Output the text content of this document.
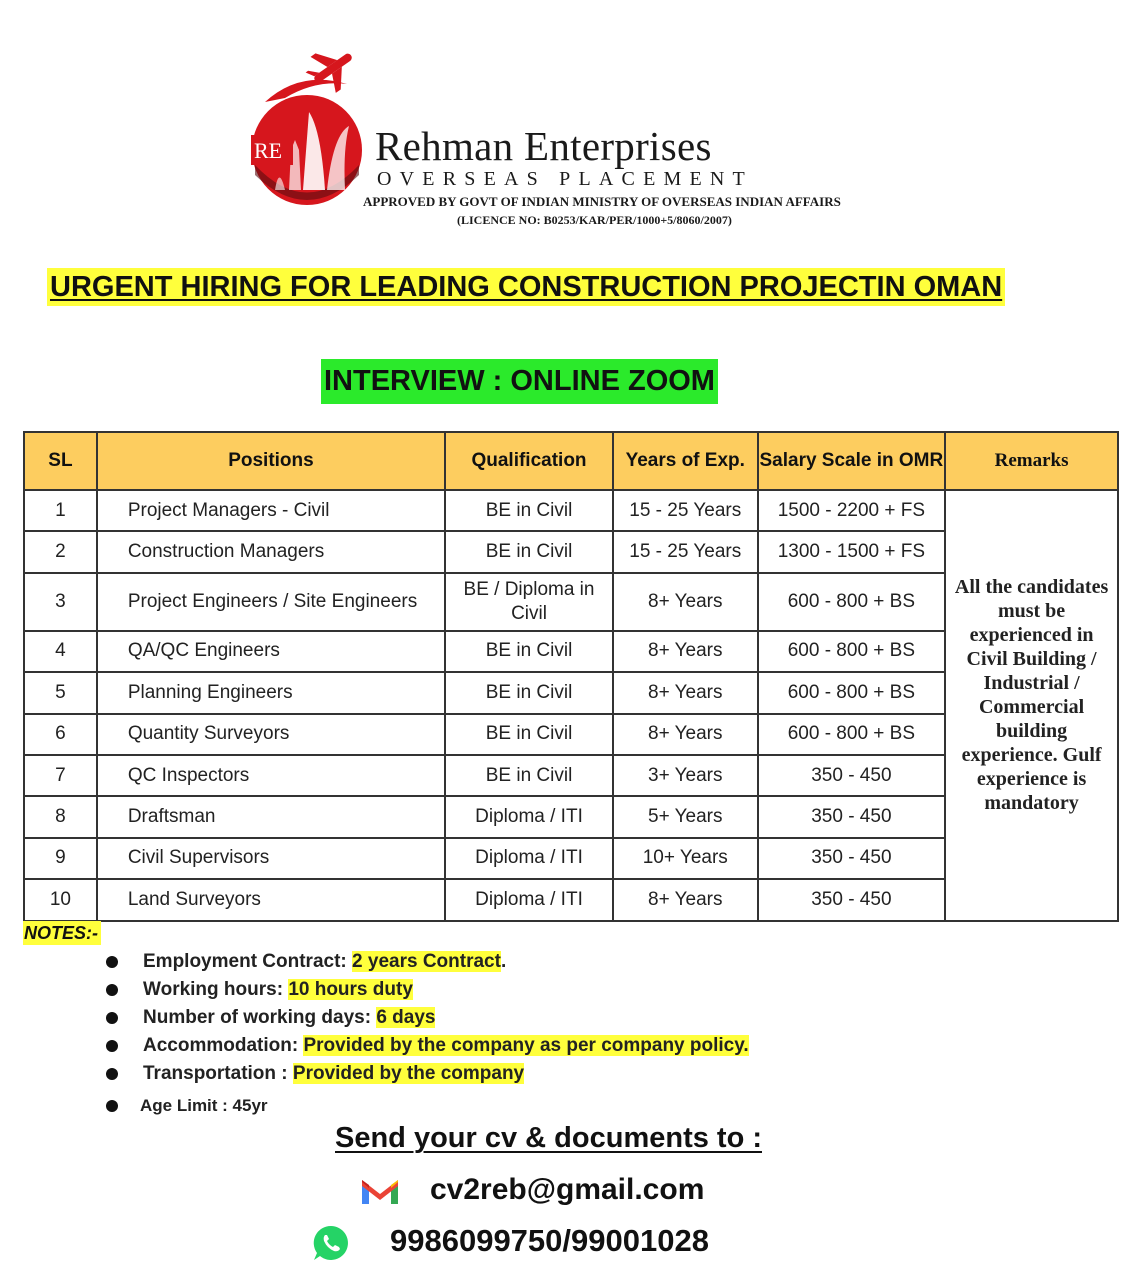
RE Rehman Enterprises
OVERSEAS PLACEMENT
APPROVED BY GOVT OF INDIAN MINISTRY OF OVERSEAS INDIAN AFFAIRS
(LICENCE NO: B0253/KAR/PER/1000+5/8060/2007)
URGENT HIRING FOR LEADING CONSTRUCTION PROJECTIN OMAN
INTERVIEW : ONLINE ZOOM
SL	Positions	Qualification	Years of Exp.	Salary Scale in OMR	Remarks
1	Project Managers - Civil	BE in Civil	15 - 25 Years	1500 - 2200 + FS	All the candidates must be experienced in Civil Building / Industrial / Commercial building experience. Gulf experience is mandatory
2	Construction Managers	BE in Civil	15 - 25 Years	1300 - 1500 + FS	
3	Project Engineers / Site Engineers	BE / Diploma in Civil	8+ Years	600 - 800 + BS	
4	QA/QC Engineers	BE in Civil	8+ Years	600 - 800 + BS	
5	Planning Engineers	BE in Civil	8+ Years	600 - 800 + BS	
6	Quantity Surveyors	BE in Civil	8+ Years	600 - 800 + BS	
7	QC Inspectors	BE in Civil	3+ Years	350 - 450	
8	Draftsman	Diploma / ITI	5+ Years	350 - 450	
9	Civil Supervisors	Diploma / ITI	10+ Years	350 - 450	
10	Land Surveyors	Diploma / ITI	8+ Years	350 - 450	
NOTES:-
Employment Contract: 2 years Contract.
Working hours: 10 hours duty
Number of working days: 6 days
Accommodation: Provided by the company as per company policy.
Transportation : Provided by the company
Age Limit : 45yr
Send your cv & documents to :
cv2reb@gmail.com
9986099750/99001028
